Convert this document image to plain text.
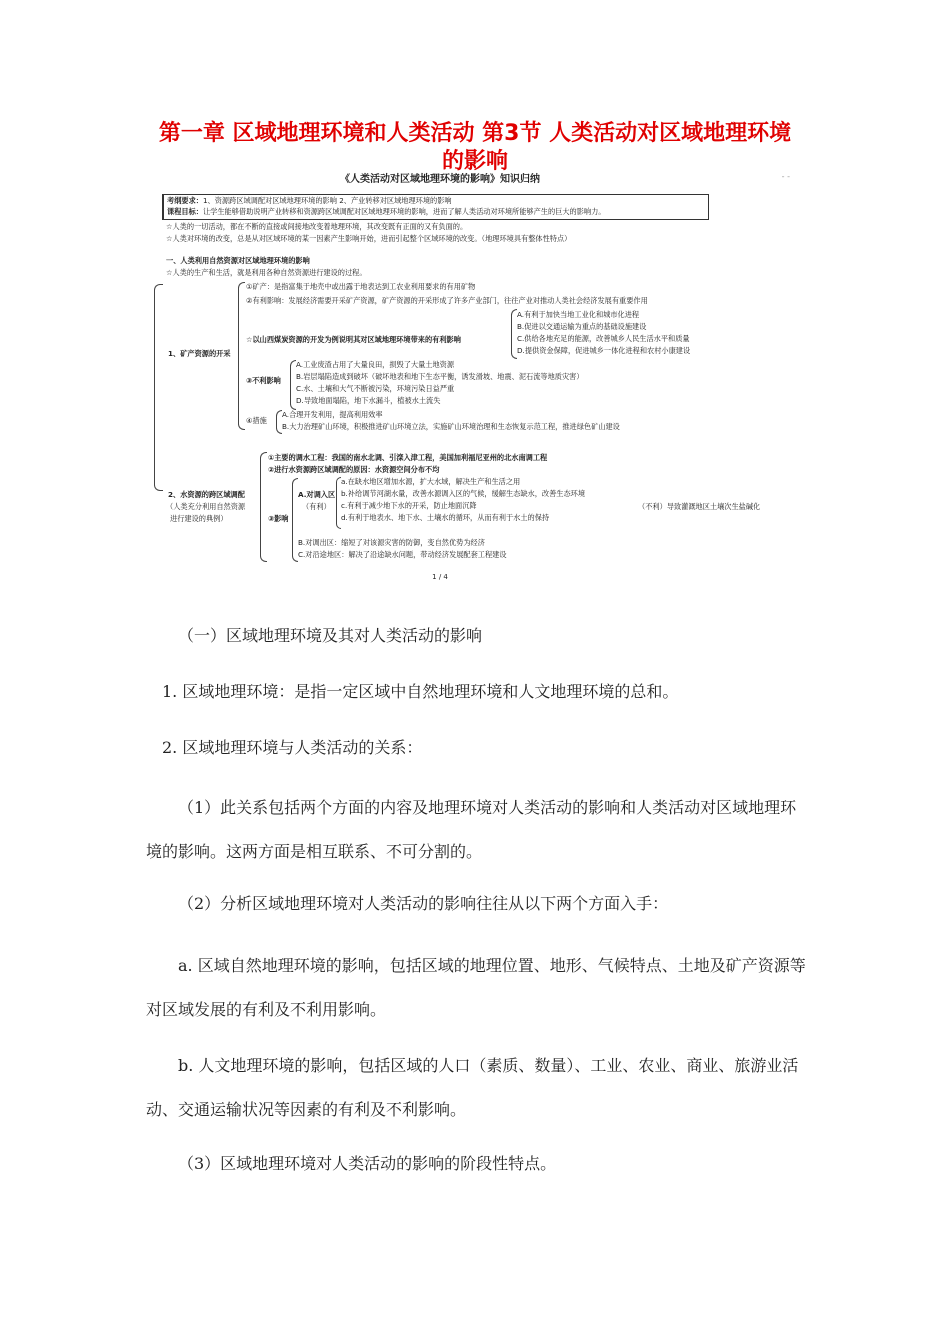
第一章 区域地理环境和人类活动 第3节 人类活动对区域地理环境
的影响
《人类活动对区域地理环境的影响》知识归纳	- -
考纲要求：1、资源跨区域调配对区域地理环境的影响 2、产业转移对区域地理环境的影响
课程目标：让学生能够借助说明产业转移和资源跨区域调配对区域地理环境的影响，进而了解人类活动对环境所能够产生的巨大的影响力。
☆人类的一切活动，都在不断的直接或间接地改变着地理环境，其改变既有正面的又有负面的。
☆人类对环境的改变，总是从对区域环境的某一因素产生影响开始，进而引起整个区域环境的改变。（地理环境具有整体性特点）
一、人类利用自然资源对区域地理环境的影响
☆人类的生产和生活，就是利用各种自然资源进行建设的过程。
1、矿产资源的开采
①矿产：是指富集于地壳中或出露于地表达到工农业利用要求的有用矿物
②有利影响：发展经济需要开采矿产资源，矿产资源的开采形成了许多产业部门，往往产业对推动人类社会经济发展有重要作用
☆以山西煤炭资源的开发为例说明其对区域地理环境带来的有利影响
A.有利于加快当地工业化和城市化进程
B.促进以交通运输为重点的基础设施建设
C.供给各地充足的能源，改善城乡人民生活水平和质量
D.提供资金保障，促进城乡一体化进程和农村小康建设
③不利影响
A.工业废渣占用了大量良田，损毁了大量土地资源
B.岩层塌陷造成到破坏（破坏地表和地下生态平衡，诱发滑坡、地震、泥石流等地质灾害）
C.水、土壤和大气不断被污染，环境污染日益严重
D.导致地面塌陷，地下水漏斗，植被水土流失
④措施
A.合理开发利用，提高利用效率
B.大力治理矿山环境，积极推进矿山环境立法，实施矿山环境治理和生态恢复示范工程，推进绿色矿山建设
2、水资源的跨区域调配
（人类充分利用自然资源
进行建设的典例）
①主要的调水工程：我国的南水北调、引滦入津工程，美国加利福尼亚州的北水南调工程
②进行水资源跨区域调配的原因：水资源空间分布不均
③影响
A.对调入区
（有利）
a.在缺水地区增加水源，扩大水域，解决生产和生活之用
b.补给调节河湖水量，改善水源调入区的气候，缓解生态缺水，改善生态环境
c.有利于减少地下水的开采，防止地面沉降
d.有利于地表水、地下水、土壤水的循环，从而有利于水土的保持
（不利）导致灌溉地区土壤次生盐碱化
B.对调出区：缩短了对该源灾害的防御，变自然优势为经济
C.对沿途地区：解决了沿途缺水问题，带动经济发展配套工程建设
1 / 4
（一）区域地理环境及其对人类活动的影响
1. 区域地理环境：是指一定区域中自然地理环境和人文地理环境的总和。
2. 区域地理环境与人类活动的关系：
（1）此关系包括两个方面的内容及地理环境对人类活动的影响和人类活动对区域地理环境的影响。这两方面是相互联系、不可分割的。
（2）分析区域地理环境对人类活动的影响往往从以下两个方面入手：
a. 区域自然地理环境的影响，包括区域的地理位置、地形、气候特点、土地及矿产资源等对区域发展的有利及不利用影响。
b. 人文地理环境的影响，包括区域的人口（素质、数量）、工业、农业、商业、旅游业活动、交通运输状况等因素的有利及不利影响。
（3）区域地理环境对人类活动的影响的阶段性特点。
